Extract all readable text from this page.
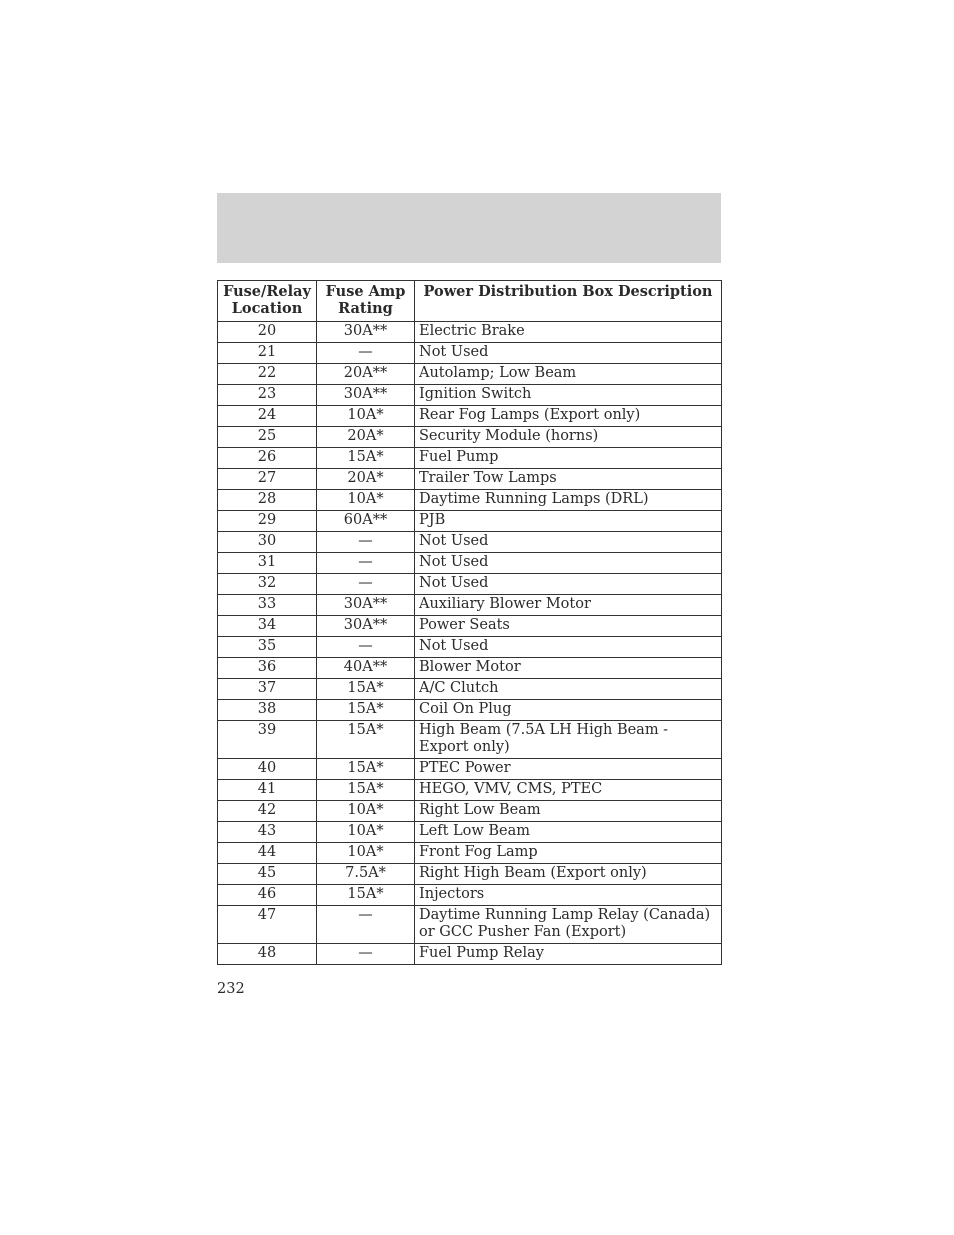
Fuse/Relay Location	Fuse Amp Rating	Power Distribution Box Description
20	30A**	Electric Brake
21	—	Not Used
22	20A**	Autolamp; Low Beam
23	30A**	Ignition Switch
24	10A*	Rear Fog Lamps (Export only)
25	20A*	Security Module (horns)
26	15A*	Fuel Pump
27	20A*	Trailer Tow Lamps
28	10A*	Daytime Running Lamps (DRL)
29	60A**	PJB
30	—	Not Used
31	—	Not Used
32	—	Not Used
33	30A**	Auxiliary Blower Motor
34	30A**	Power Seats
35	—	Not Used
36	40A**	Blower Motor
37	15A*	A/C Clutch
38	15A*	Coil On Plug
39	15A*	High Beam (7.5A LH High Beam - Export only)
40	15A*	PTEC Power
41	15A*	HEGO, VMV, CMS, PTEC
42	10A*	Right Low Beam
43	10A*	Left Low Beam
44	10A*	Front Fog Lamp
45	7.5A*	Right High Beam (Export only)
46	15A*	Injectors
47	—	Daytime Running Lamp Relay (Canada) or GCC Pusher Fan (Export)
48	—	Fuel Pump Relay
232
